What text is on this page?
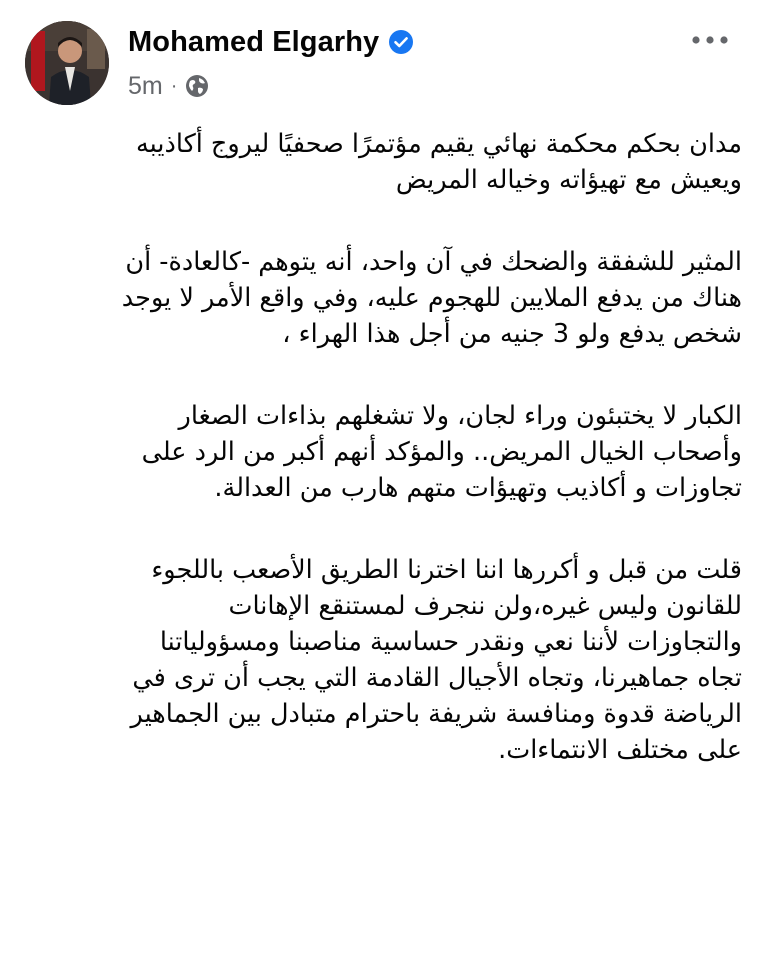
Mohamed Elgarhy
5m ·
مدان بحكم محكمة نهائي يقيم مؤتمرًا صحفيًا ليروج أكاذيبه
ويعيش مع تهيؤاته وخياله المريض
المثير للشفقة والضحك في آن واحد، أنه يتوهم -كالعادة- أن
هناك من يدفع الملايين للهجوم عليه، وفي واقع الأمر لا يوجد
شخص يدفع ولو 3 جنيه من أجل هذا الهراء ،
الكبار لا يختبئون وراء لجان، ولا تشغلهم بذاءات الصغار
وأصحاب الخيال المريض.. والمؤكد أنهم أكبر من الرد على
تجاوزات و أكاذيب وتهيؤات متهم هارب من العدالة.
قلت من قبل و أكررها اننا اخترنا الطريق الأصعب باللجوء
للقانون وليس غيره،ولن ننجرف لمستنقع الإهانات
والتجاوزات لأننا نعي ونقدر حساسية مناصبنا ومسؤولياتنا
تجاه جماهيرنا، وتجاه الأجيال القادمة التي يجب أن ترى في
الرياضة قدوة ومنافسة شريفة باحترام متبادل بين الجماهير
على مختلف الانتماءات.
